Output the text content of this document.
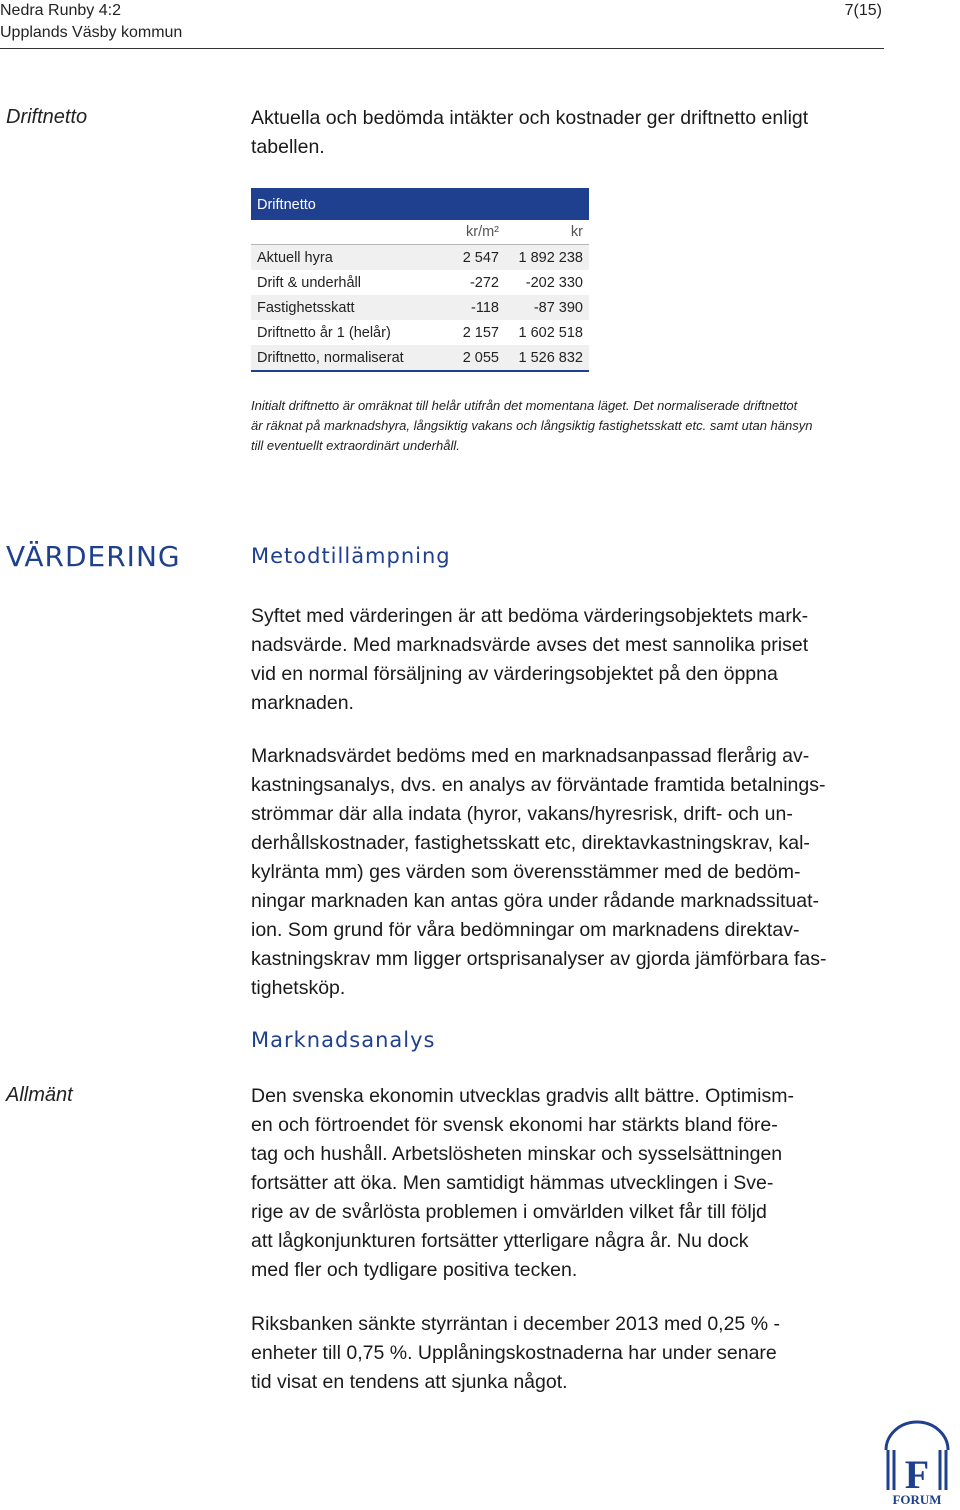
Nedra Runby 4:2
Upplands Väsby kommun
7(15)
Driftnetto	Aktuella och bedömda intäkter och kostnader ger driftnetto enligt
tabellen.
Driftnetto		
	kr/m²	kr
Aktuell hyra	2 547	1 892 238
Drift & underhåll	-272	-202 330
Fastighetsskatt	-118	-87 390
Driftnetto år 1 (helår)	2 157	1 602 518
Driftnetto, normaliserat	2 055	1 526 832
Initialt driftnetto är omräknat till helår utifrån det momentana läget. Det normaliserade driftnettot
är räknat på marknadshyra, långsiktig vakans och långsiktig fastighetsskatt etc. samt utan hänsyn
till eventuellt extraordinärt underhåll.
VÄRDERING	Metodtillämpning
Syftet med värderingen är att bedöma värderingsobjektets mark-
nadsvärde. Med marknadsvärde avses det mest sannolika priset
vid en normal försäljning av värderingsobjektet på den öppna
marknaden.
Marknadsvärdet bedöms med en marknadsanpassad flerårig av-
kastningsanalys, dvs. en analys av förväntade framtida betalnings-
strömmar där alla indata (hyror, vakans/hyresrisk, drift- och un-
derhållskostnader, fastighetsskatt etc, direktavkastningskrav, kal-
kylränta mm) ges värden som överensstämmer med de bedöm-
ningar marknaden kan antas göra under rådande marknadssituat-
ion. Som grund för våra bedömningar om marknadens direktav-
kastningskrav mm ligger ortsprisanalyser av gjorda jämförbara fas-
tighetsköp.
Marknadsanalys
Allmänt	Den svenska ekonomin utvecklas gradvis allt bättre. Optimism-
en och förtroendet för svensk ekonomi har stärkts bland före-
tag och hushåll. Arbetslösheten minskar och sysselsättningen
fortsätter att öka. Men samtidigt hämmas utvecklingen i Sve-
rige av de svårlösta problemen i omvärlden vilket får till följd
att lågkonjunkturen fortsätter ytterligare några år. Nu dock
med fler och tydligare positiva tecken.
Riksbanken sänkte styrräntan i december 2013 med 0,25 % -
enheter till 0,75 %. Upplåningskostnaderna har under senare
tid visat en tendens att sjunka något.
F
FORUM
